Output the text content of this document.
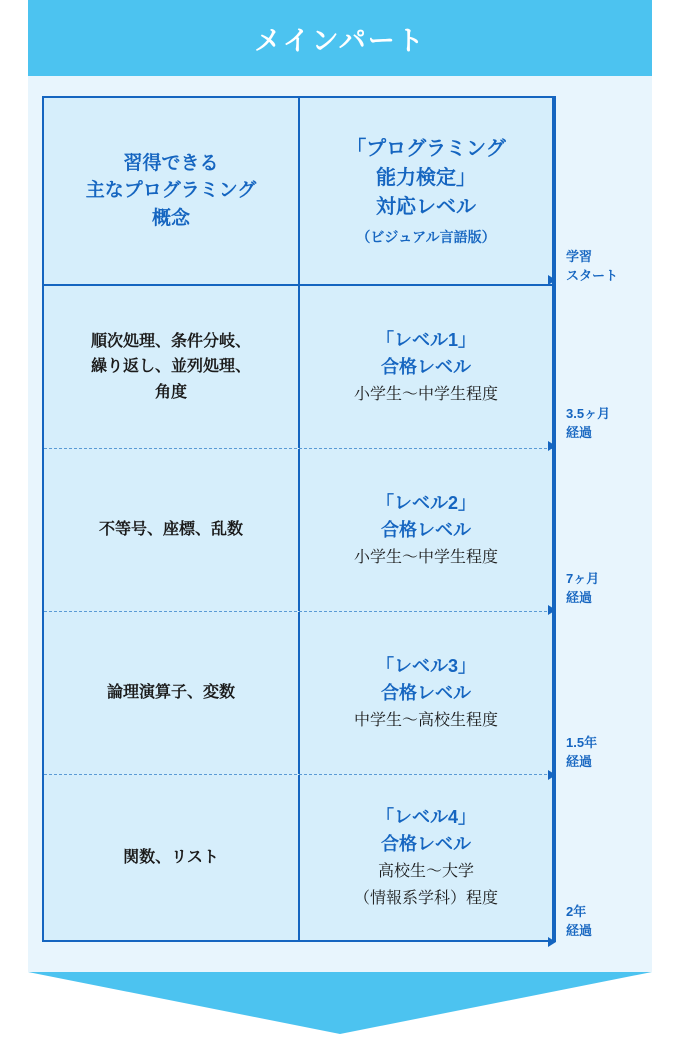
メインパート
習得できる
主なプログラミング
概念
「プログラミング
能力検定」
対応レベル
（ビジュアル言語版）
順次処理、条件分岐、
繰り返し、並列処理、
角度
「レベル1」
合格レベル
小学生〜中学生程度
不等号、座標、乱数
「レベル2」
合格レベル
小学生〜中学生程度
論理演算子、変数
「レベル3」
合格レベル
中学生〜高校生程度
関数、リスト
「レベル4」
合格レベル
高校生〜大学
（情報系学科）程度
学習
スタート
3.5ヶ月
経過
7ヶ月
経過
1.5年
経過
2年
経過
